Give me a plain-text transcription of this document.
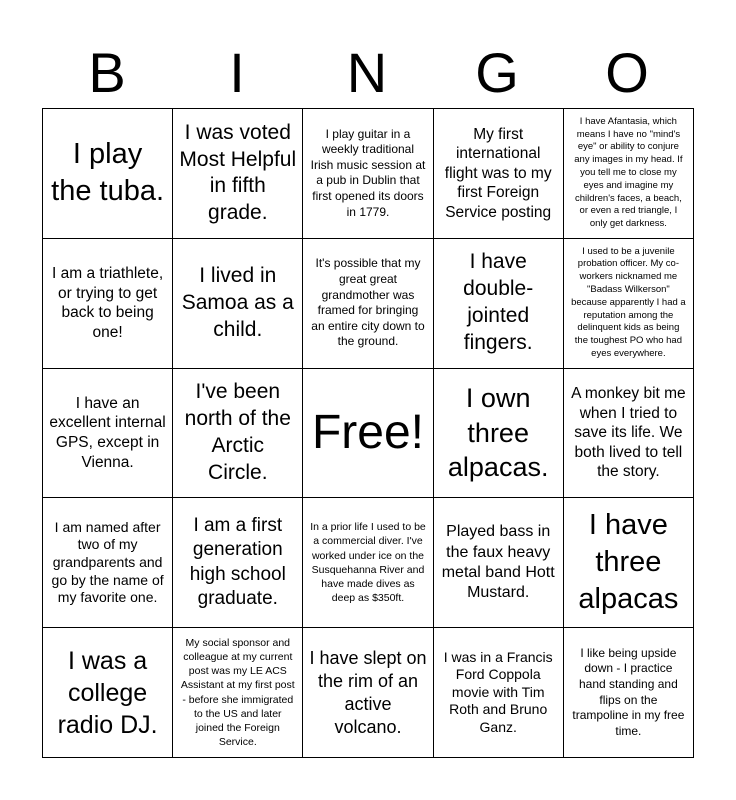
B	I	N	G	O
I play the tuba.
I was voted Most Helpful in fifth grade.
I play guitar in a weekly traditional Irish music session at a pub in Dublin that first opened its doors in 1779.
My first international flight was to my first Foreign Service posting
I have Afantasia, which means I have no "mind's eye" or ability to conjure any images in my head. If you tell me to close my eyes and imagine my children's faces, a beach, or even a red triangle, I only get darkness.
I am a triathlete, or trying to get back to being one!
I lived in Samoa as a child.
It's possible that my great great grandmother was framed for bringing an entire city down to the ground.
I have double-jointed fingers.
I used to be a juvenile probation officer. My co-workers nicknamed me "Badass Wilkerson" because apparently I had a reputation among the delinquent kids as being the toughest PO who had eyes everywhere.
I have an excellent internal GPS, except in Vienna.
I've been north of the Arctic Circle.
Free!
I own three alpacas.
A monkey bit me when I tried to save its life. We both lived to tell the story.
I am named after two of my grandparents and go by the name of my favorite one.
I am a first generation high school graduate.
In a prior life I used to be a commercial diver. I've worked under ice on the Susquehanna River and have made dives as deep as $350ft.
Played bass in the faux heavy metal band Hott Mustard.
I have three alpacas
I was a college radio DJ.
My social sponsor and colleague at my current post was my LE ACS Assistant at my first post - before she immigrated to the US and later joined the Foreign Service.
I have slept on the rim of an active volcano.
I was in a Francis Ford Coppola movie with Tim Roth and Bruno Ganz.
I like being upside down - I practice hand standing and flips on the trampoline in my free time.
